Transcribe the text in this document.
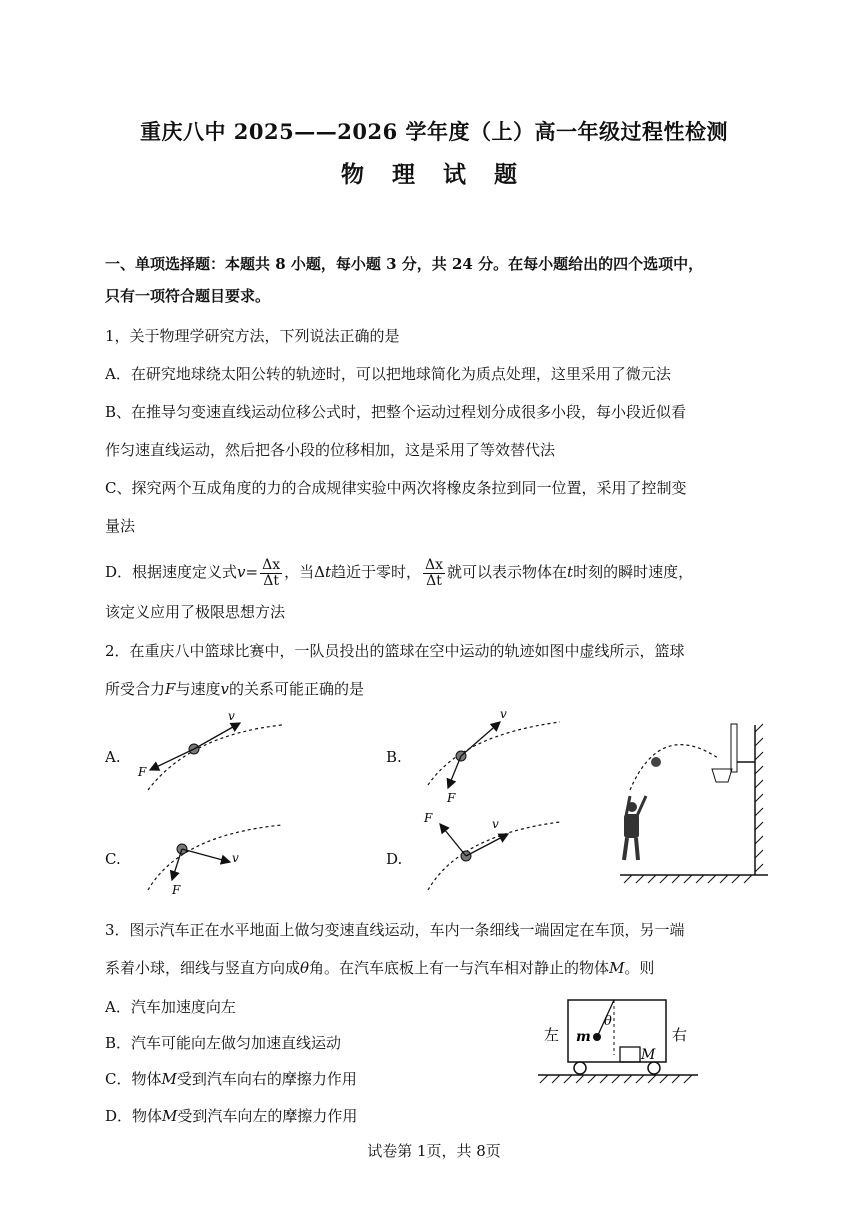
重庆八中 2025——2026 学年度（上）高一年级过程性检测
物 理 试 题
一、单项选择题：本题共 8 小题，每小题 3 分，共 24 分。在每小题给出的四个选项中，
只有一项符合题目要求。
1，关于物理学研究方法，下列说法正确的是
A．在研究地球绕太阳公转的轨迹时，可以把地球简化为质点处理，这里采用了微元法
B、在推导匀变速直线运动位移公式时，把整个运动过程划分成很多小段，每小段近似看
作匀速直线运动，然后把各小段的位移相加，这是采用了等效替代法
C、探究两个互成角度的力的合成规律实验中两次将橡皮条拉到同一位置，采用了控制变
量法
D．根据速度定义式$v= \frac{\Delta x}{\Delta t}$ ，当Δt趋近于零时， $\frac{\Delta x}{\Delta t}$ 就可以表示物体在t时刻的瞬时速度，
该定义应用了极限思想方法
2．在重庆八中篮球比赛中，一队员投出的篮球在空中运动的轨迹如图中虚线所示，篮球
所受合力F与速度v的关系可能正确的是
A.	B.
C.	D.
v
F
v
F
v
F
v
F
3．图示汽车正在水平地面上做匀变速直线运动，车内一条细线一端固定在车顶，另一端
系着小球，细线与竖直方向成θ角。在汽车底板上有一与汽车相对静止的物体M。则
A．汽车加速度向左
B．汽车可能向左做匀加速直线运动
C．物体M受到汽车向右的摩擦力作用
D．物体M受到汽车向左的摩擦力作用
左	右
m
θ
M
试卷第 1页，共 8页
